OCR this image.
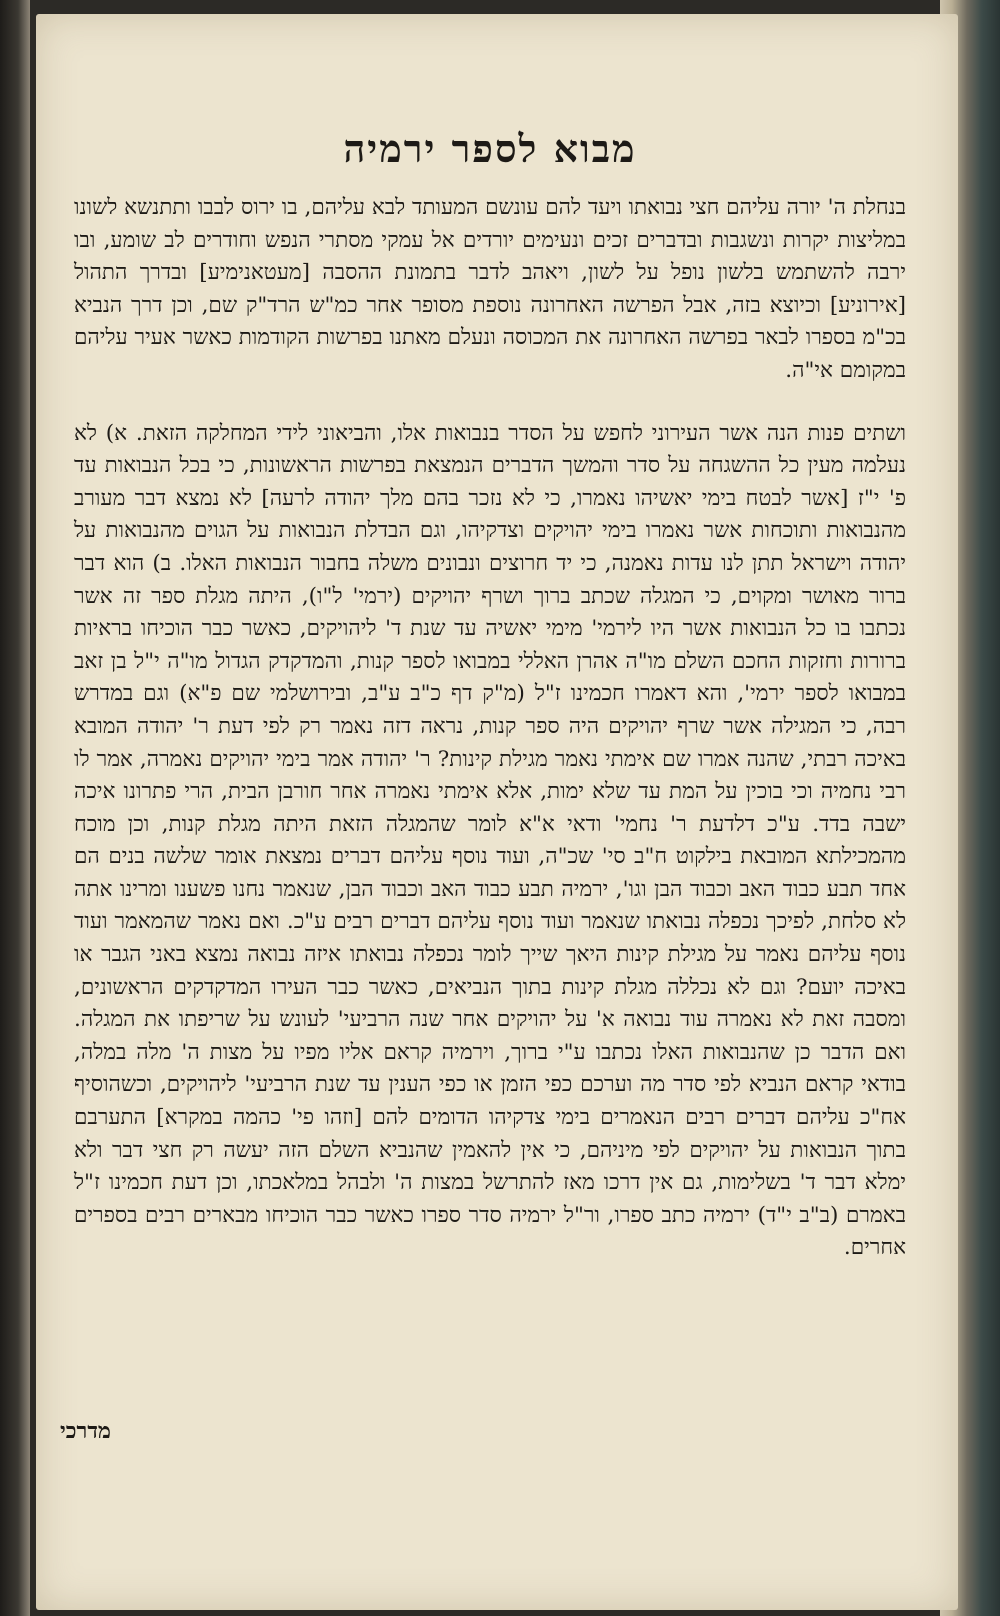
מבוא לספר ירמיה

בנחלת ה' יורה עליהם חצי נבואתו ויעד להם עונשם המעותד לבא עליהם, בו ירוס לבבו ותתנשא לשונו במליצות יקרות ונשגבות ובדברים זכים ונעימים יורדים אל עמקי מסתרי הנפש וחודרים לב שומע, ובו ירבה להשתמש בלשון נופל על לשון, ויאהב לדבר בתמונת ההסבה [מעטאנימיע] ובדרך התהול [אירוניע] וכיוצא בזה, אבל הפרשה האחרונה נוספת מסופר אחר כמ"ש הרד"ק שם, וכן דרך הנביא בכ"מ בספרו לבאר בפרשה האחרונה את המכוסה ונעלם מאתנו בפרשות הקודמות כאשר אעיר עליהם במקומם אי"ה.

ושתים פנות הנה אשר העירוני לחפש על הסדר בנבואות אלו, והביאוני לידי המחלקה הזאת. א) לא נעלמה מעין כל ההשגחה על סדר והמשך הדברים הנמצאת בפרשות הראשונות, כי בכל הנבואות עד פ' י"ז [אשר לבטח בימי יאשיהו נאמרו, כי לא נזכר בהם מלך יהודה לרעה] לא נמצא דבר מעורב מהנבואות ותוכחות אשר נאמרו בימי יהויקים וצדקיהו, וגם הבדלת הנבואות על הגוים מהנבואות על יהודה וישראל תתן לנו עדות נאמנה, כי יד חרוצים ונבונים משלה בחבור הנבואות האלו. ב) הוא דבר ברור מאושר ומקוים, כי המגלה שכתב ברוך ושרף יהויקים (ירמי' ל"ו), היתה מגלת ספר זה אשר נכתבו בו כל הנבואות אשר היו לירמי' מימי יאשיה עד שנת ד' ליהויקים, כאשר כבר הוכיחו בראיות ברורות וחזקות החכם השלם מו"ה אהרן האללי במבואו לספר קנות, והמדקדק הגדול מו"ה י"ל בן זאב במבואו לספר ירמי', והא דאמרו חכמינו ז"ל (מ"ק דף כ"ב ע"ב, ובירושלמי שם פ"א) וגם במדרש רבה, כי המגילה אשר שרף יהויקים היה ספר קנות, נראה דזה נאמר רק לפי דעת ר' יהודה המובא באיכה רבתי, שהנה אמרו שם אימתי נאמר מגילת קינות? ר' יהודה אמר בימי יהויקים נאמרה, אמר לו רבי נחמיה וכי בוכין על המת עד שלא ימות, אלא אימתי נאמרה אחר חורבן הבית, הרי פתרונו איכה ישבה בדד. ע"כ דלדעת ר' נחמי' ודאי א"א לומר שהמגלה הזאת היתה מגלת קנות, וכן מוכח מהמכילתא המובאת בילקוט ח"ב סי' שכ"ה, ועוד נוסף עליהם דברים נמצאת אומר שלשה בנים הם אחד תבע כבוד האב וכבוד הבן וגו', ירמיה תבע כבוד האב וכבוד הבן, שנאמר נחנו פשענו ומרינו אתה לא סלחת, לפיכך נכפלה נבואתו שנאמר ועוד נוסף עליהם דברים רבים ע"כ. ואם נאמר שהמאמר ועוד נוסף עליהם נאמר על מגילת קינות היאך שייך לומר נכפלה נבואתו איזה נבואה נמצא באני הגבר או באיכה יועם? וגם לא נכללה מגלת קינות בתוך הנביאים, כאשר כבר העירו המדקדקים הראשונים, ומסבה זאת לא נאמרה עוד נבואה א' על יהויקים אחר שנה הרביעי' לעונש על שריפתו את המגלה. ואם הדבר כן שהנבואות האלו נכתבו ע"י ברוך, וירמיה קראם אליו מפיו על מצות ה' מלה במלה, בודאי קראם הנביא לפי סדר מה וערכם כפי הזמן או כפי הענין עד שנת הרביעי' ליהויקים, וכשהוסיף אח"כ עליהם דברים רבים הנאמרים בימי צדקיהו הדומים להם [וזהו פי' כהמה במקרא] התערבם בתוך הנבואות על יהויקים לפי מיניהם, כי אין להאמין שהנביא השלם הזה יעשה רק חצי דבר ולא ימלא דבר ד' בשלימות, גם אין דרכו מאז להתרשל במצות ה' ולבהל במלאכתו, וכן דעת חכמינו ז"ל באמרם (ב"ב י"ד) ירמיה כתב ספרו, ור"ל ירמיה סדר ספרו כאשר כבר הוכיחו מבארים רבים בספרים אחרים.

מדרכי
